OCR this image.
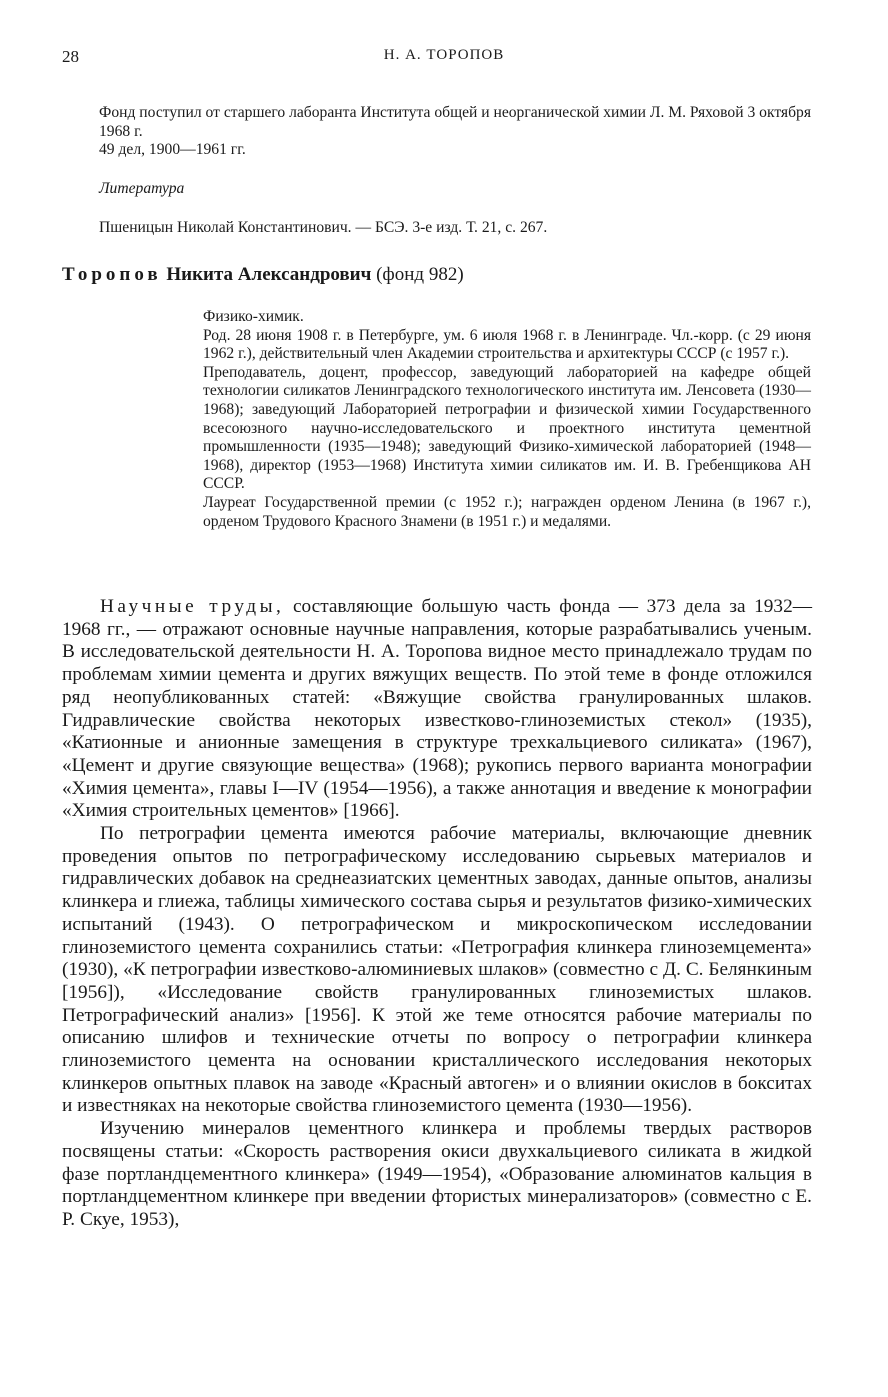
28	Н. А. ТОРОПОВ

Фонд поступил от старшего лаборанта Института общей и неорганической химии Л. М. Ряховой 3 октября 1968 г.

49 дел, 1900—1961 гг.

Литература
Пшеницын Николай Константинович. — БСЭ. 3-е изд. Т. 21, с. 267.
Торопов Никита Александрович (фонд 982)

Физико-химик.

Род. 28 июня 1908 г. в Петербурге, ум. 6 июля 1968 г. в Ленинграде. Чл.-корр. (с 29 июня 1962 г.), действительный член Академии строительства и архитектуры СССР (с 1957 г.).

Преподаватель, доцент, профессор, заведующий лабораторией на кафедре общей технологии силикатов Ленинградского технологического института им. Ленсовета (1930—1968); заведующий Лабораторией петрографии и физической химии Государственного всесоюзного научно-исследовательского и проектного института цементной промышленности (1935—1948); заведующий Физико-химической лабораторией (1948—1968), директор (1953—1968) Института химии силикатов им. И. В. Гребенщикова АН СССР.

Лауреат Государственной премии (с 1952 г.); награжден орденом Ленина (в 1967 г.), орденом Трудового Красного Знамени (в 1951 г.) и медалями.

Научные труды, составляющие большую часть фонда — 373 дела за 1932—1968 гг., — отражают основные научные направления, которые разрабатывались ученым. В исследовательской деятельности Н. А. Торопова видное место принадлежало трудам по проблемам химии цемента и других вяжущих веществ. По этой теме в фонде отложился ряд неопубликованных статей: «Вяжущие свойства гранулированных шлаков. Гидравлические свойства некоторых известково-глиноземистых стекол» (1935), «Катионные и анионные замещения в структуре трехкальциевого силиката» (1967), «Цемент и другие связующие вещества» (1968); рукопись первого варианта монографии «Химия цемента», главы I—IV (1954—1956), а также аннотация и введение к монографии «Химия строительных цементов» [1966].

По петрографии цемента имеются рабочие материалы, включающие дневник проведения опытов по петрографическому исследованию сырьевых материалов и гидравлических добавок на среднеазиатских цементных заводах, данные опытов, анализы клинкера и глиежа, таблицы химического состава сырья и результатов физико-химических испытаний (1943). О петрографическом и микроскопическом исследовании глиноземистого цемента сохранились статьи: «Петрография клинкера глиноземцемента» (1930), «К петрографии известково-алюминиевых шлаков» (совместно с Д. С. Белянкиным [1956]), «Исследование свойств гранулированных глиноземистых шлаков. Петрографический анализ» [1956]. К этой же теме относятся рабочие материалы по описанию шлифов и технические отчеты по вопросу о петрографии клинкера глиноземистого цемента на основании кристаллического исследования некоторых клинкеров опытных плавок на заводе «Красный автоген» и о влиянии окислов в бокситах и известняках на некоторые свойства глиноземистого цемента (1930—1956).

Изучению минералов цементного клинкера и проблемы твердых растворов посвящены статьи: «Скорость растворения окиси двухкальциевого силиката в жидкой фазе портландцементного клинкера» (1949—1954), «Образование алюминатов кальция в портландцементном клинкере при введении фтористых минерализаторов» (совместно с Е. Р. Скуе, 1953),
